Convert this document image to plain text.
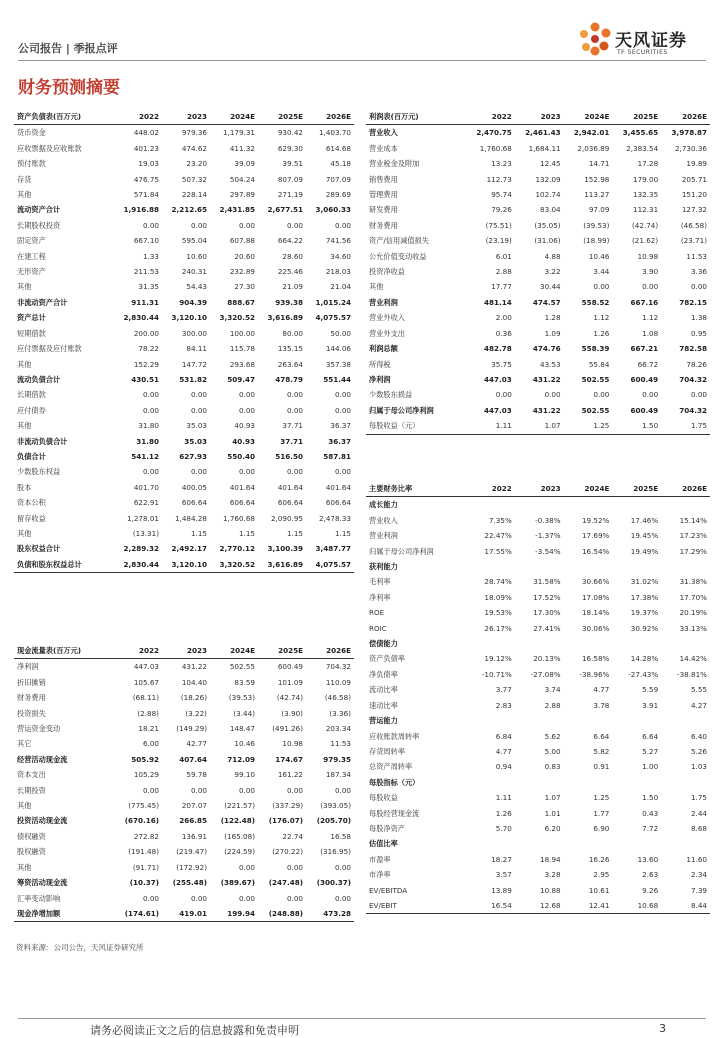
公司报告 | 季报点评	天风证券
TF SECURITIES
财务预测摘要
资产负债表(百万元)	2022	2023	2024E	2025E	2026E
货币资金	448.02	979.36	1,179.31	930.42	1,403.70
应收票据及应收账款	401.23	474.62	411.32	629.30	614.68
预付账款	19.03	23.20	39.09	39.51	45.18
存货	476.75	507.32	504.24	807.09	707.09
其他	571.84	228.14	297.89	271.19	289.69
流动资产合计	1,916.88	2,212.65	2,431.85	2,677.51	3,060.33
长期股权投资	0.00	0.00	0.00	0.00	0.00
固定资产	667.10	595.04	607.88	664.22	741.56
在建工程	1.33	10.60	20.60	28.60	34.60
无形资产	211.53	240.31	232.89	225.46	218.03
其他	31.35	54.43	27.30	21.09	21.04
非流动资产合计	911.31	904.39	888.67	939.38	1,015.24
资产总计	2,830.44	3,120.10	3,320.52	3,616.89	4,075.57
短期借款	200.00	300.00	100.00	80.00	50.00
应付票据及应付账款	78.22	84.11	115.78	135.15	144.06
其他	152.29	147.72	293.68	263.64	357.38
流动负债合计	430.51	531.82	509.47	478.79	551.44
长期借款	0.00	0.00	0.00	0.00	0.00
应付债券	0.00	0.00	0.00	0.00	0.00
其他	31.80	35.03	40.93	37.71	36.37
非流动负债合计	31.80	35.03	40.93	37.71	36.37
负债合计	541.12	627.93	550.40	516.50	587.81
少数股东权益	0.00	0.00	0.00	0.00	0.00
股本	401.70	400.05	401.64	401.64	401.64
资本公积	622.91	606.64	606.64	606.64	606.64
留存收益	1,278.01	1,484.28	1,760.68	2,090.95	2,478.33
其他	(13.31)	1.15	1.15	1.15	1.15
股东权益合计	2,289.32	2,492.17	2,770.12	3,100.39	3,487.77
负债和股东权益总计	2,830.44	3,120.10	3,320.52	3,616.89	4,075.57
利润表(百万元)	2022	2023	2024E	2025E	2026E
营业收入	2,470.75	2,461.43	2,942.01	3,455.65	3,978.87
营业成本	1,760.68	1,684.11	2,036.89	2,383.54	2,730.36
营业税金及附加	13.23	12.45	14.71	17.28	19.89
销售费用	112.73	132.09	152.98	179.00	205.71
管理费用	95.74	102.74	113.27	132.35	151.20
研发费用	79.26	83.04	97.09	112.31	127.32
财务费用	(75.51)	(35.05)	(39.53)	(42.74)	(46.58)
资产/信用减值损失	(23.19)	(31.06)	(18.99)	(21.62)	(23.71)
公允价值变动收益	6.01	4.88	10.46	10.98	11.53
投资净收益	2.88	3.22	3.44	3.90	3.36
其他	17.77	30.44	0.00	0.00	0.00
营业利润	481.14	474.57	558.52	667.16	782.15
营业外收入	2.00	1.28	1.12	1.12	1.38
营业外支出	0.36	1.09	1.26	1.08	0.95
利润总额	482.78	474.76	558.39	667.21	782.58
所得税	35.75	43.53	55.84	66.72	78.26
净利润	447.03	431.22	502.55	600.49	704.32
少数股东损益	0.00	0.00	0.00	0.00	0.00
归属于母公司净利润	447.03	431.22	502.55	600.49	704.32
每股收益（元）	1.11	1.07	1.25	1.50	1.75
主要财务比率	2022	2023	2024E	2025E	2026E
成长能力					
营业收入	7.35%	-0.38%	19.52%	17.46%	15.14%
营业利润	22.47%	-1.37%	17.69%	19.45%	17.23%
归属于母公司净利润	17.55%	-3.54%	16.54%	19.49%	17.29%
获利能力					
毛利率	28.74%	31.58%	30.66%	31.02%	31.38%
净利率	18.09%	17.52%	17.08%	17.38%	17.70%
ROE	19.53%	17.30%	18.14%	19.37%	20.19%
ROIC	26.17%	27.41%	30.06%	30.92%	33.13%
偿债能力					
资产负债率	19.12%	20.13%	16.58%	14.28%	14.42%
净负债率	-10.71%	-27.08%	-38.96%	-27.43%	-38.81%
流动比率	3.77	3.74	4.77	5.59	5.55
速动比率	2.83	2.88	3.78	3.91	4.27
营运能力					
应收账款周转率	6.84	5.62	6.64	6.64	6.40
存货周转率	4.77	5.00	5.82	5.27	5.26
总资产周转率	0.94	0.83	0.91	1.00	1.03
每股指标（元）					
每股收益	1.11	1.07	1.25	1.50	1.75
每股经营现金流	1.26	1.01	1.77	0.43	2.44
每股净资产	5.70	6.20	6.90	7.72	8.68
估值比率					
市盈率	18.27	18.94	16.26	13.60	11.60
市净率	3.57	3.28	2.95	2.63	2.34
EV/EBITDA	13.89	10.88	10.61	9.26	7.39
EV/EBIT	16.54	12.68	12.41	10.68	8.44
现金流量表(百万元)	2022	2023	2024E	2025E	2026E
净利润	447.03	431.22	502.55	600.49	704.32
折旧摊销	105.67	104.40	83.59	101.09	110.09
财务费用	(68.11)	(18.26)	(39.53)	(42.74)	(46.58)
投资损失	(2.88)	(3.22)	(3.44)	(3.90)	(3.36)
营运资金变动	18.21	(149.29)	148.47	(491.26)	203.34
其它	6.00	42.77	10.46	10.98	11.53
经营活动现金流	505.92	407.64	712.09	174.67	979.35
资本支出	105.29	59.78	99.10	161.22	187.34
长期投资	0.00	0.00	0.00	0.00	0.00
其他	(775.45)	207.07	(221.57)	(337.29)	(393.05)
投资活动现金流	(670.16)	266.85	(122.48)	(176.07)	(205.70)
债权融资	272.82	136.91	(165.08)	22.74	16.58
股权融资	(191.48)	(219.47)	(224.59)	(270.22)	(316.95)
其他	(91.71)	(172.92)	0.00	0.00	0.00
筹资活动现金流	(10.37)	(255.48)	(389.67)	(247.48)	(300.37)
汇率变动影响	0.00	0.00	0.00	0.00	0.00
现金净增加额	(174.61)	419.01	199.94	(248.88)	473.28
资料来源：公司公告，天风证券研究所
请务必阅读正文之后的信息披露和免责申明	3
